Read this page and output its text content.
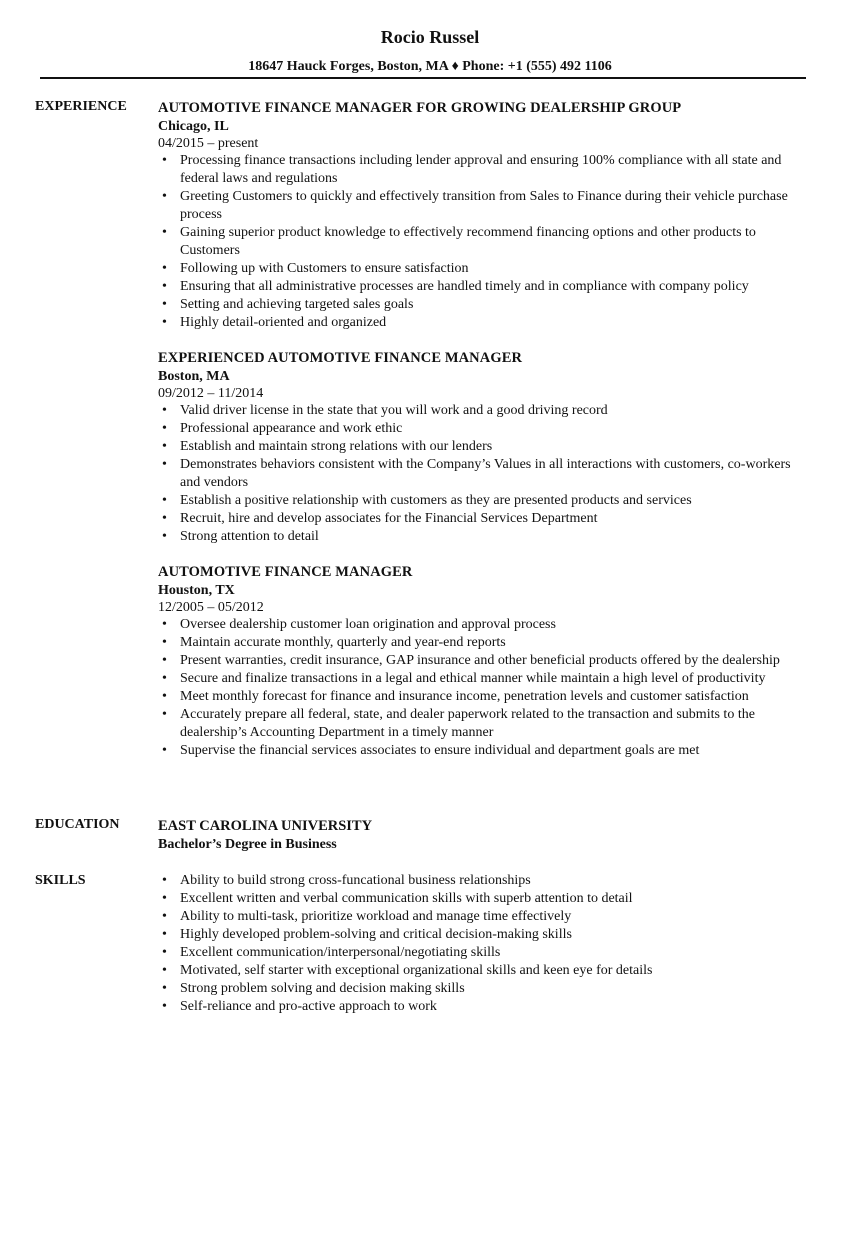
Rocio Russel
18647 Hauck Forges, Boston, MA ♦ Phone: +1 (555) 492 1106
EXPERIENCE AUTOMOTIVE FINANCE MANAGER FOR GROWING DEALERSHIP GROUP
Chicago, IL
04/2015 – present
• Processing finance transactions including lender approval and ensuring 100% compliance with all state and federal laws and regulations
• Greeting Customers to quickly and effectively transition from Sales to Finance during their vehicle purchase process
• Gaining superior product knowledge to effectively recommend financing options and other products to Customers
• Following up with Customers to ensure satisfaction
• Ensuring that all administrative processes are handled timely and in compliance with company policy
• Setting and achieving targeted sales goals
• Highly detail-oriented and organized
EXPERIENCED AUTOMOTIVE FINANCE MANAGER
Boston, MA
09/2012 – 11/2014
• Valid driver license in the state that you will work and a good driving record
• Professional appearance and work ethic
• Establish and maintain strong relations with our lenders
• Demonstrates behaviors consistent with the Company’s Values in all interactions with customers, co-workers and vendors
• Establish a positive relationship with customers as they are presented products and services
• Recruit, hire and develop associates for the Financial Services Department
• Strong attention to detail
AUTOMOTIVE FINANCE MANAGER
Houston, TX
12/2005 – 05/2012
• Oversee dealership customer loan origination and approval process
• Maintain accurate monthly, quarterly and year-end reports
• Present warranties, credit insurance, GAP insurance and other beneficial products offered by the dealership
• Secure and finalize transactions in a legal and ethical manner while maintain a high level of productivity
• Meet monthly forecast for finance and insurance income, penetration levels and customer satisfaction
• Accurately prepare all federal, state, and dealer paperwork related to the transaction and submits to the dealership’s Accounting Department in a timely manner
• Supervise the financial services associates to ensure individual and department goals are met
EDUCATION	EAST CAROLINA UNIVERSITY
Bachelor’s Degree in Business
SKILLS	• Ability to build strong cross-funcational business relationships
• Excellent written and verbal communication skills with superb attention to detail
• Ability to multi-task, prioritize workload and manage time effectively
• Highly developed problem-solving and critical decision-making skills
• Excellent communication/interpersonal/negotiating skills
• Motivated, self starter with exceptional organizational skills and keen eye for details
• Strong problem solving and decision making skills
• Self-reliance and pro-active approach to work
